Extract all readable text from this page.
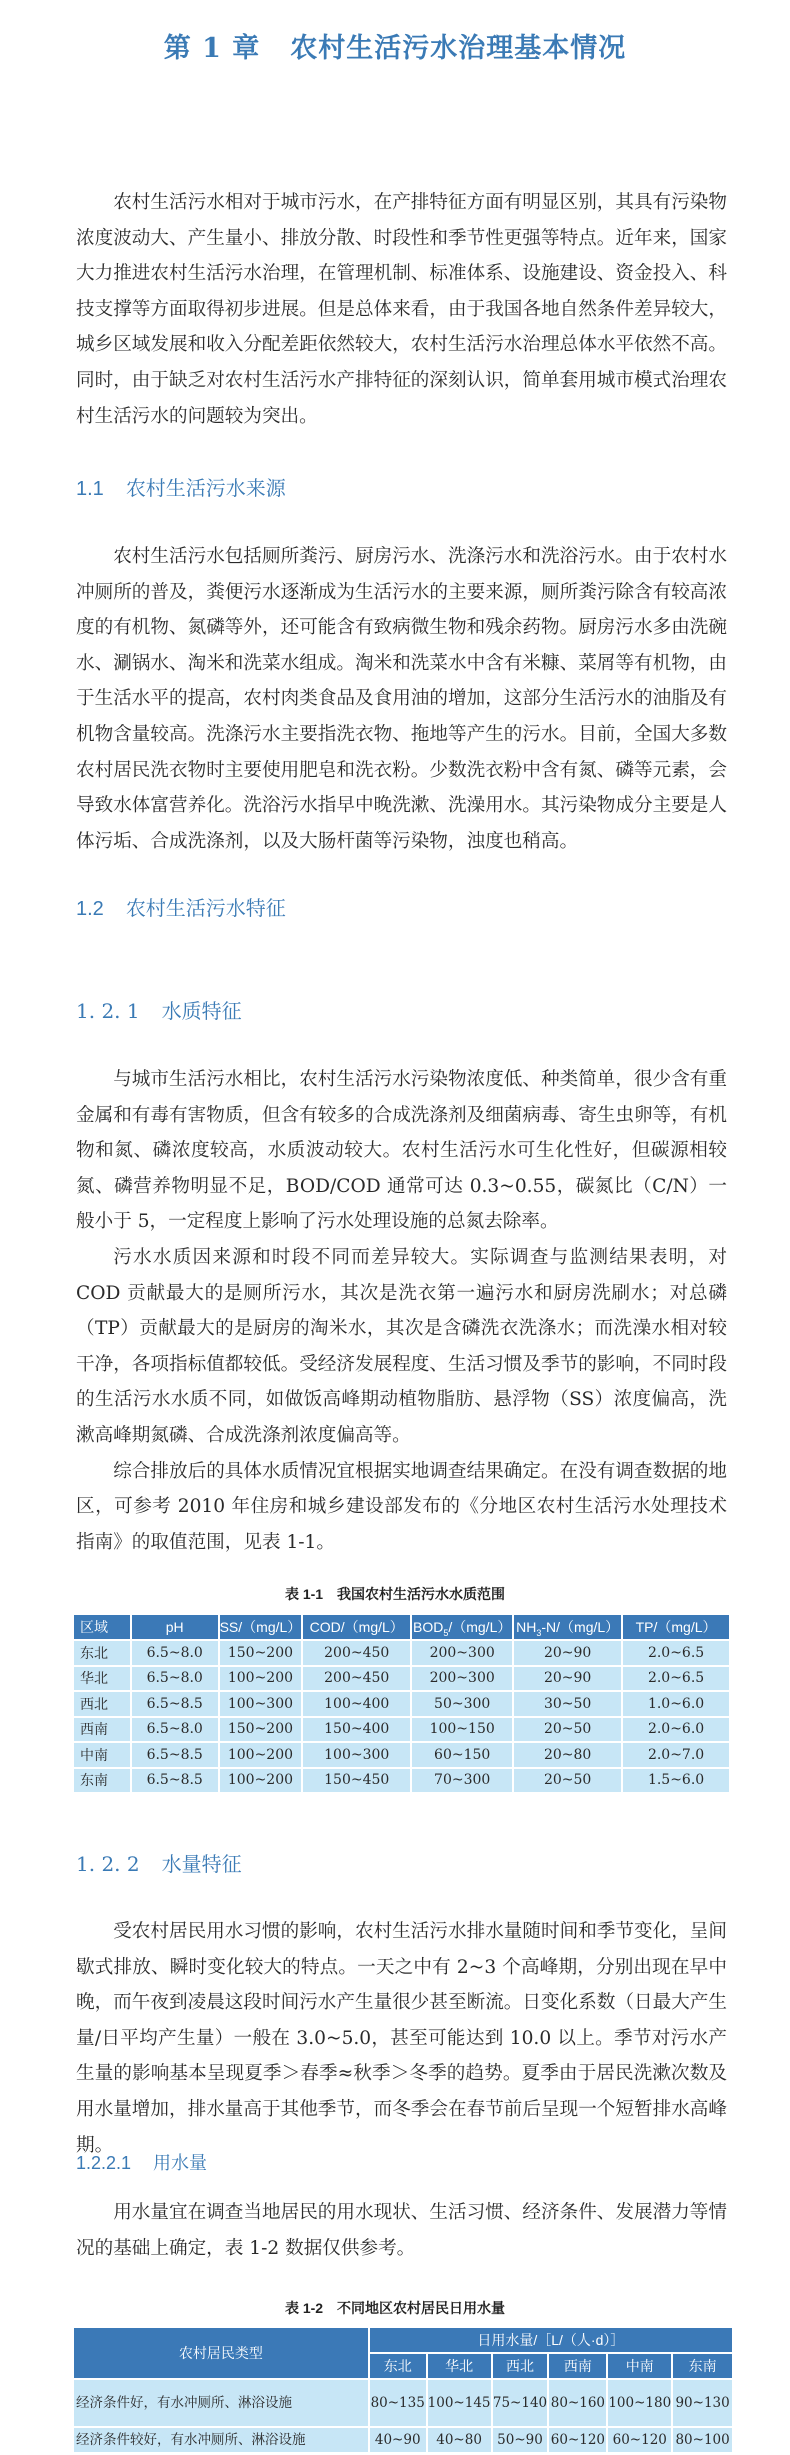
第 1 章 农村生活污水治理基本情况

农村生活污水相对于城市污水，在产排特征方面有明显区别，其具有污染物浓度波动大、产生量小、排放分散、时段性和季节性更强等特点。近年来，国家大力推进农村生活污水治理，在管理机制、标准体系、设施建设、资金投入、科技支撑等方面取得初步进展。但是总体来看，由于我国各地自然条件差异较大，城乡区域发展和收入分配差距依然较大，农村生活污水治理总体水平依然不高。同时，由于缺乏对农村生活污水产排特征的深刻认识，简单套用城市模式治理农村生活污水的问题较为突出。

1.1 农村生活污水来源

农村生活污水包括厕所粪污、厨房污水、洗涤污水和洗浴污水。由于农村水冲厕所的普及，粪便污水逐渐成为生活污水的主要来源，厕所粪污除含有较高浓度的有机物、氮磷等外，还可能含有致病微生物和残余药物。厨房污水多由洗碗水、涮锅水、淘米和洗菜水组成。淘米和洗菜水中含有米糠、菜屑等有机物，由于生活水平的提高，农村肉类食品及食用油的增加，这部分生活污水的油脂及有机物含量较高。洗涤污水主要指洗衣物、拖地等产生的污水。目前，全国大多数农村居民洗衣物时主要使用肥皂和洗衣粉。少数洗衣粉中含有氮、磷等元素，会导致水体富营养化。洗浴污水指早中晚洗漱、洗澡用水。其污染物成分主要是人体污垢、合成洗涤剂，以及大肠杆菌等污染物，浊度也稍高。

1.2 农村生活污水特征
1. 2. 1 水质特征

与城市生活污水相比，农村生活污水污染物浓度低、种类简单，很少含有重金属和有毒有害物质，但含有较多的合成洗涤剂及细菌病毒、寄生虫卵等，有机物和氮、磷浓度较高，水质波动较大。农村生活污水可生化性好，但碳源相较氮、磷营养物明显不足，BOD/COD 通常可达 0.3~0.55，碳氮比（C/N）一般小于 5，一定程度上影响了污水处理设施的总氮去除率。

污水水质因来源和时段不同而差异较大。实际调查与监测结果表明，对 COD 贡献最大的是厕所污水，其次是洗衣第一遍污水和厨房洗刷水；对总磷（TP）贡献最大的是厨房的淘米水，其次是含磷洗衣洗涤水；而洗澡水相对较干净，各项指标值都较低。受经济发展程度、生活习惯及季节的影响，不同时段的生活污水水质不同，如做饭高峰期动植物脂肪、悬浮物（SS）浓度偏高，洗漱高峰期氮磷、合成洗涤剂浓度偏高等。

综合排放后的具体水质情况宜根据实地调查结果确定。在没有调查数据的地区，可参考 2010 年住房和城乡建设部发布的《分地区农村生活污水处理技术指南》的取值范围，见表 1-1。

表 1-1　我国农村生活污水水质范围
区域	pH	SS/（mg/L）	COD/（mg/L）	$BOD_5/(mg/L)$	$NH_3-N/(mg/L)$	TP/（mg/L）
东北	6.5~8.0	150~200	200~450	200~300	20~90	2.0~6.5
华北	6.5~8.0	100~200	200~450	200~300	20~90	2.0~6.5
西北	6.5~8.5	100~300	100~400	50~300	30~50	1.0~6.0
西南	6.5~8.0	150~200	150~400	100~150	20~50	2.0~6.0
中南	6.5~8.5	100~200	100~300	60~150	20~80	2.0~7.0
东南	6.5~8.5	100~200	150~450	70~300	20~50	1.5~6.0
1. 2. 2 水量特征

受农村居民用水习惯的影响，农村生活污水排水量随时间和季节变化，呈间歇式排放、瞬时变化较大的特点。一天之中有 2~3 个高峰期，分别出现在早中晚，而午夜到凌晨这段时间污水产生量很少甚至断流。日变化系数（日最大产生量/日平均产生量）一般在 3.0~5.0，甚至可能达到 10.0 以上。季节对污水产生量的影响基本呈现夏季＞春季≈秋季＞冬季的趋势。夏季由于居民洗漱次数及用水量增加，排水量高于其他季节，而冬季会在春节前后呈现一个短暂排水高峰期。

1.2.2.1 用水量

用水量宜在调查当地居民的用水现状、生活习惯、经济条件、发展潜力等情况的基础上确定，表 1-2 数据仅供参考。

表 1-2　不同地区农村居民日用水量
农村居民类型	日用水量/［L/（人·d）］					
	东北	华北	西北	西南	中南	东南
经济条件好，有水冲厕所、淋浴设施	80~135	100~145	75~140	80~160	100~180	90~130
经济条件较好，有水冲厕所、淋浴设施	40~90	40~80	50~90	60~120	60~120	80~100
